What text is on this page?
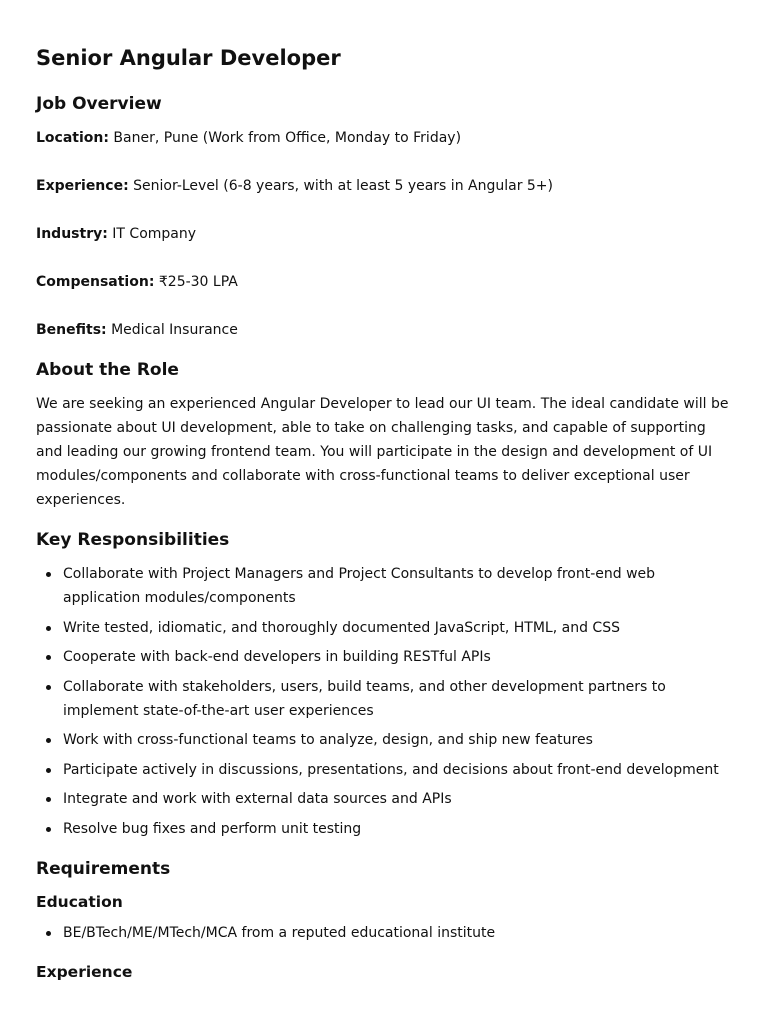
Senior Angular Developer
Job Overview

Location: Baner, Pune (Work from Office, Monday to Friday)

Experience: Senior-Level (6-8 years, with at least 5 years in Angular 5+)

Industry: IT Company

Compensation: ₹25-30 LPA

Benefits: Medical Insurance

About the Role

We are seeking an experienced Angular Developer to lead our UI team. The ideal candidate will be passionate about UI development, able to take on challenging tasks, and capable of supporting and leading our growing frontend team. You will participate in the design and development of UI modules/components and collaborate with cross-functional teams to deliver exceptional user experiences.

Key Responsibilities
Collaborate with Project Managers and Project Consultants to develop front-end web application modules/components
Write tested, idiomatic, and thoroughly documented JavaScript, HTML, and CSS
Cooperate with back-end developers in building RESTful APIs
Collaborate with stakeholders, users, build teams, and other development partners to implement state-of-the-art user experiences
Work with cross-functional teams to analyze, design, and ship new features
Participate actively in discussions, presentations, and decisions about front-end development
Integrate and work with external data sources and APIs
Resolve bug fixes and perform unit testing
Requirements
Education
BE/BTech/ME/MTech/MCA from a reputed educational institute
Experience
